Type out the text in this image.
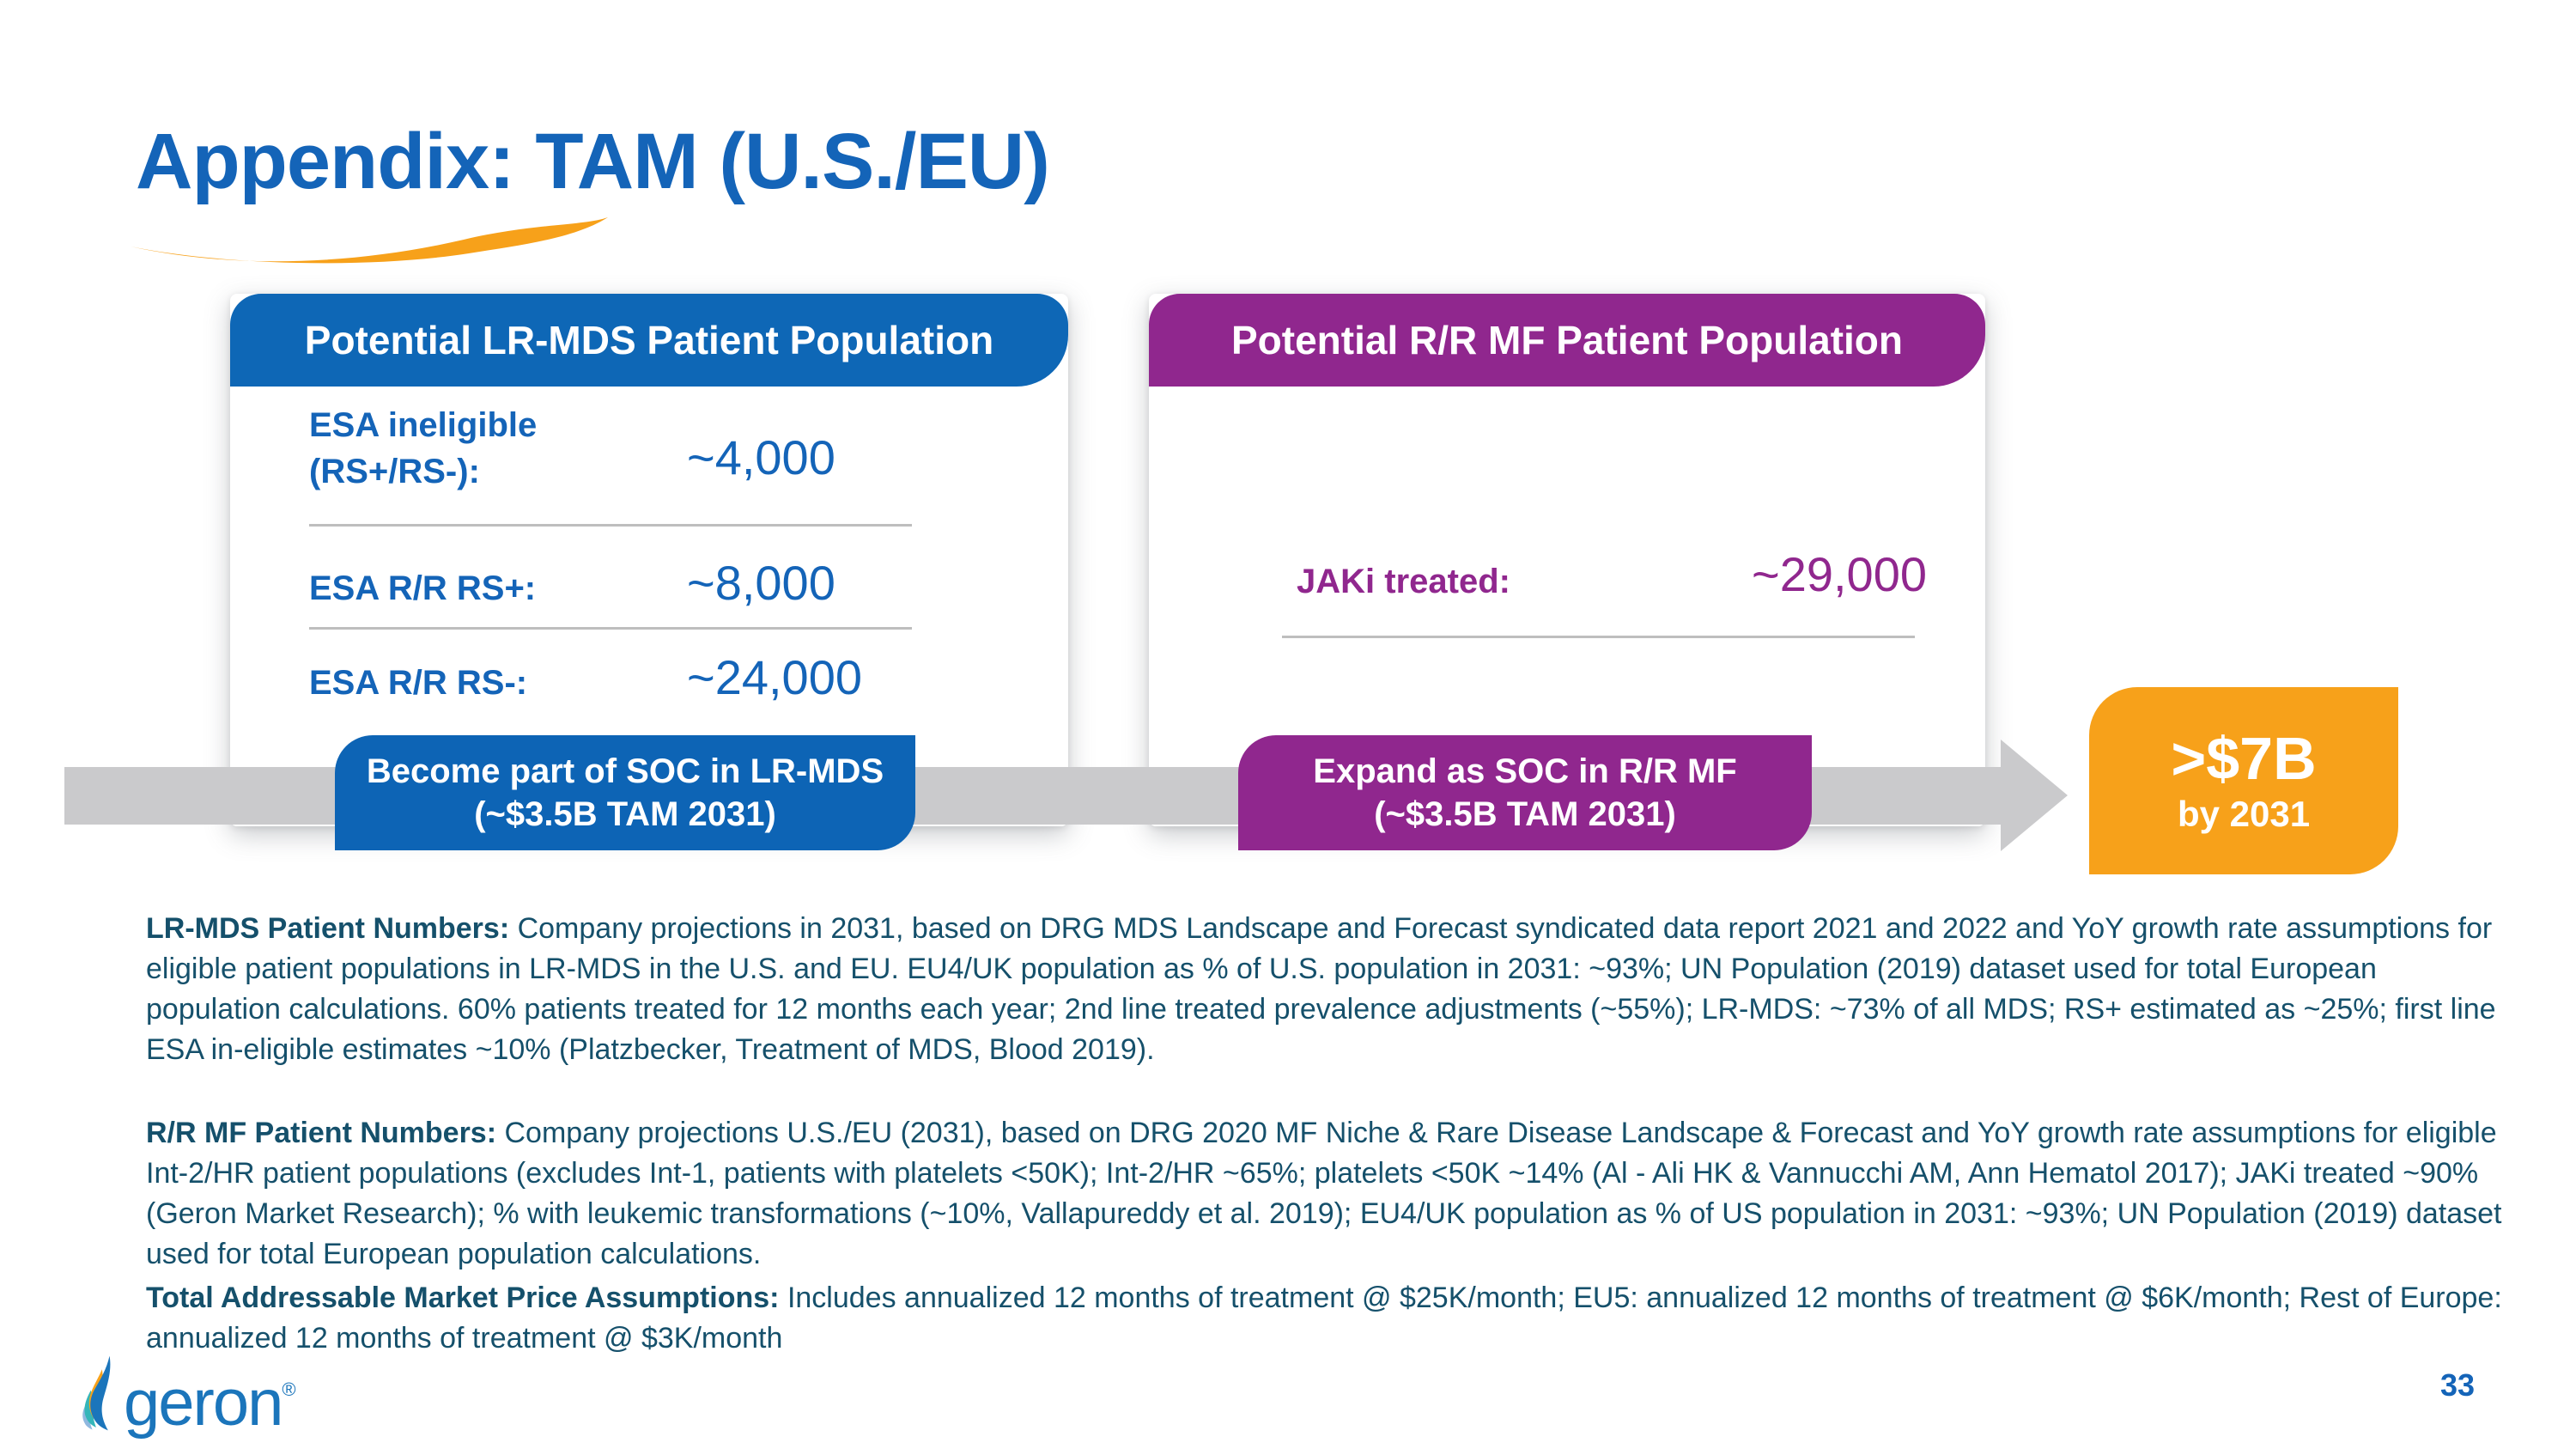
Appendix: TAM (U.S./EU)
Potential LR-MDS Patient Population
ESA ineligible
(RS+/RS-):	~4,000
ESA R/R RS+:	~8,000
ESA R/R RS-:	~24,000
Potential R/R MF Patient Population
JAKi treated:	~29,000
Become part of SOC in LR-MDS
(~$3.5B TAM 2031)
Expand as SOC in R/R MF
(~$3.5B TAM 2031)
>$7B
by 2031

LR-MDS Patient Numbers: Company projections in 2031, based on DRG MDS Landscape and Forecast syndicated data report 2021 and 2022 and YoY growth rate assumptions for eligible patient populations in LR-MDS in the U.S. and EU. EU4/UK population as % of U.S. population in 2031: ~93%; UN Population (2019) dataset used for total European population calculations. 60% patients treated for 12 months each year; 2nd line treated prevalence adjustments (~55%); LR-MDS: ~73% of all MDS; RS+ estimated as ~25%; first line ESA in-eligible estimates ~10% (Platzbecker, Treatment of MDS, Blood 2019).

R/R MF Patient Numbers: Company projections U.S./EU (2031), based on DRG 2020 MF Niche & Rare Disease Landscape & Forecast and YoY growth rate assumptions for eligible Int-2/HR patient populations (excludes Int-1, patients with platelets <50K); Int-2/HR ~65%; platelets <50K ~14% (Al - Ali HK & Vannucchi AM, Ann Hematol 2017); JAKi treated ~90% (Geron Market Research); % with leukemic transformations (~10%, Vallapureddy et al. 2019); EU4/UK population as % of US population in 2031: ~93%; UN Population (2019) dataset used for total European population calculations.

Total Addressable Market Price Assumptions: Includes annualized 12 months of treatment @ $25K/month; EU5: annualized 12 months of treatment @ $6K/month; Rest of Europe: annualized 12 months of treatment @ $3K/month

geron®	33
